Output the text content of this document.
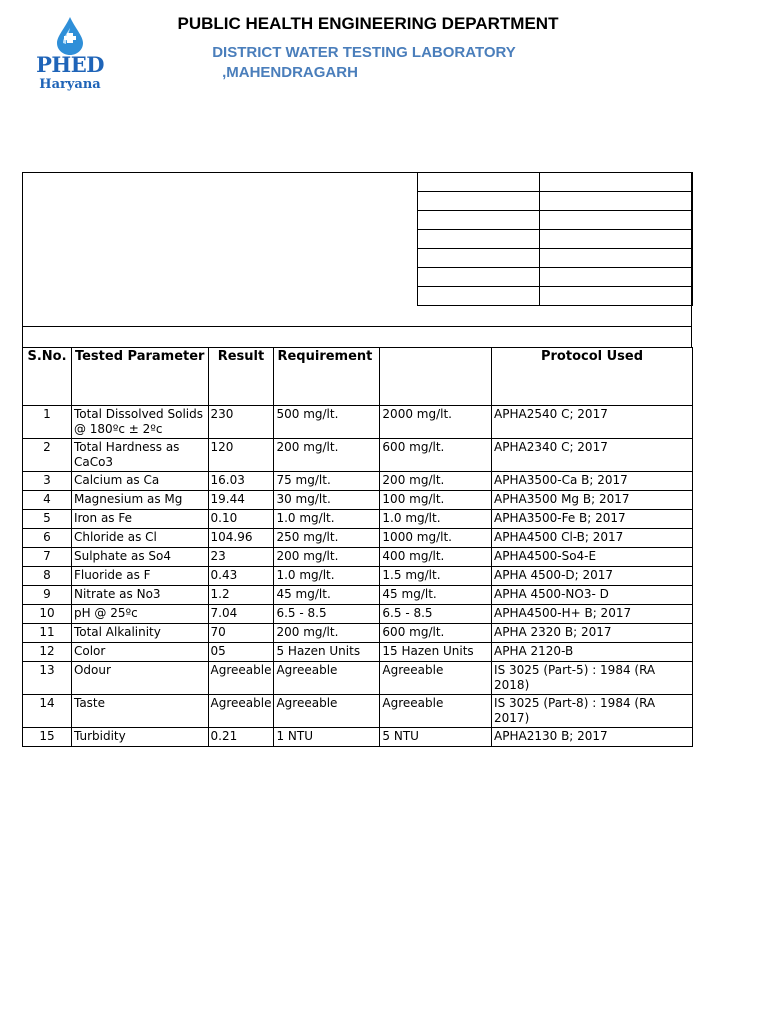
PHED
Haryana
PUBLIC HEALTH ENGINEERING DEPARTMENT
DISTRICT WATER TESTING LABORATORY
,MAHENDRAGARH

S.No.	Tested Parameter	Result	Requirement		Protocol Used
1	Total Dissolved Solids @ 180ºc ± 2ºc	230	500 mg/lt.	2000 mg/lt.	APHA2540 C; 2017
2	Total Hardness as CaCo3	120	200 mg/lt.	600 mg/lt.	APHA2340 C; 2017
3	Calcium as Ca	16.03	75 mg/lt.	200 mg/lt.	APHA3500-Ca B; 2017
4	Magnesium as Mg	19.44	30 mg/lt.	100 mg/lt.	APHA3500 Mg B; 2017
5	Iron as Fe	0.10	1.0 mg/lt.	1.0 mg/lt.	APHA3500-Fe B; 2017
6	Chloride as Cl	104.96	250 mg/lt.	1000 mg/lt.	APHA4500 Cl-B; 2017
7	Sulphate as So4	23	200 mg/lt.	400 mg/lt.	APHA4500-So4-E
8	Fluoride as F	0.43	1.0 mg/lt.	1.5 mg/lt.	APHA 4500-D; 2017
9	Nitrate as No3	1.2	45 mg/lt.	45 mg/lt.	APHA 4500-NO3- D
10	pH @ 25ºc	7.04	6.5 - 8.5	6.5 - 8.5	APHA4500-H+ B; 2017
11	Total Alkalinity	70	200 mg/lt.	600 mg/lt.	APHA 2320 B; 2017
12	Color	05	5 Hazen Units	15 Hazen Units	APHA 2120-B
13	Odour	Agreeable	Agreeable	Agreeable	IS 3025 (Part-5) : 1984 (RA 2018)
14	Taste	Agreeable	Agreeable	Agreeable	IS 3025 (Part-8) : 1984 (RA 2017)
15	Turbidity	0.21	1 NTU	5 NTU	APHA2130 B; 2017
